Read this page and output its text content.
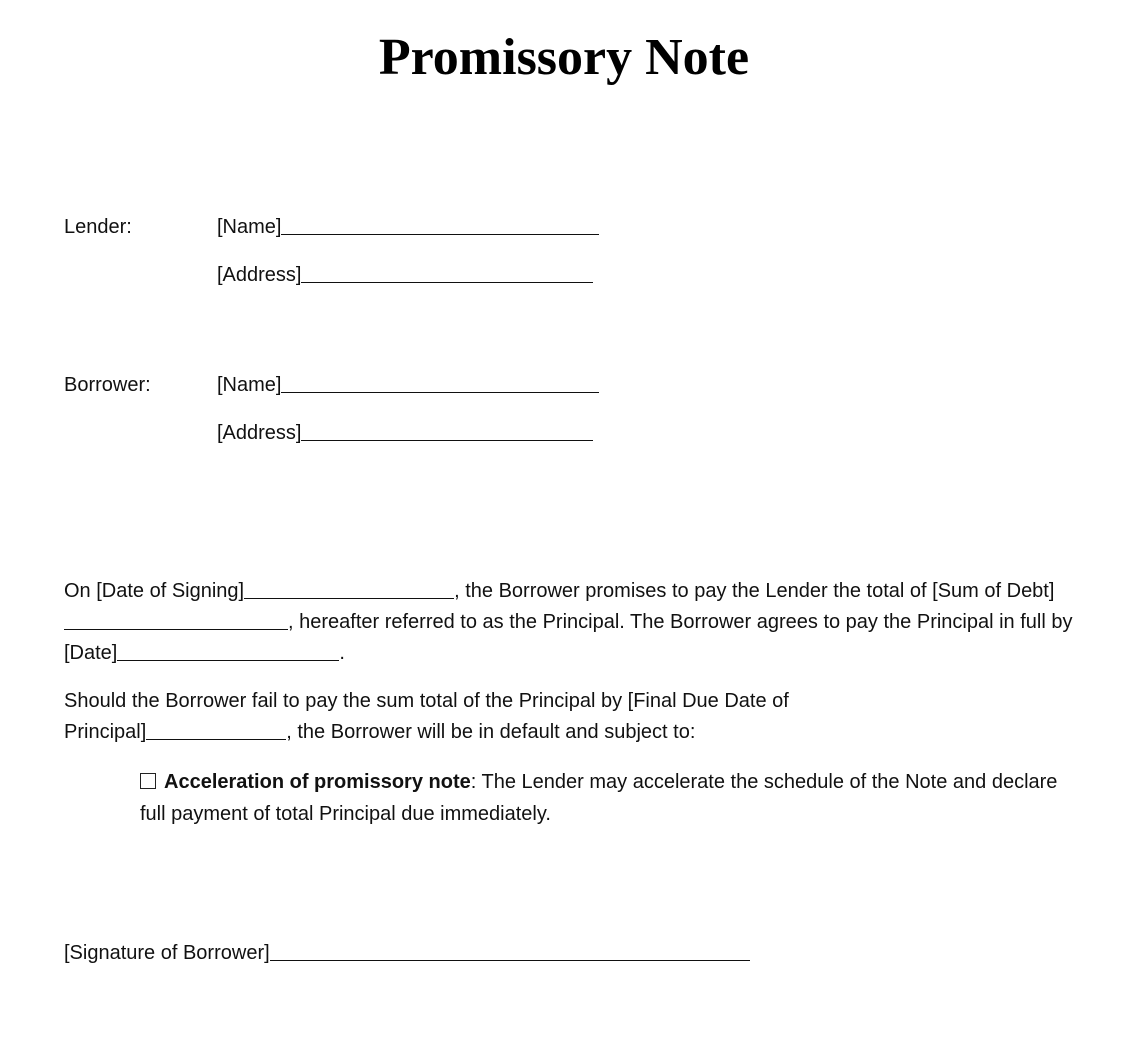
Promissory Note
Lender:	[Name]
[Address]
Borrower:	[Name]
[Address]

On [Date of Signing]	, the Borrower promises to pay the Lender the total of [Sum of Debt], hereafter referred to as the Principal. The Borrower agrees to pay the Principal in full by [Date]	.

Should the Borrower fail to pay the sum total of the Principal by [Final Due Date of Principal]	, the Borrower will be in default and subject to:

Acceleration of promissory note: The Lender may accelerate the schedule of the Note and declare full payment of total Principal due immediately.

[Signature of Borrower]
